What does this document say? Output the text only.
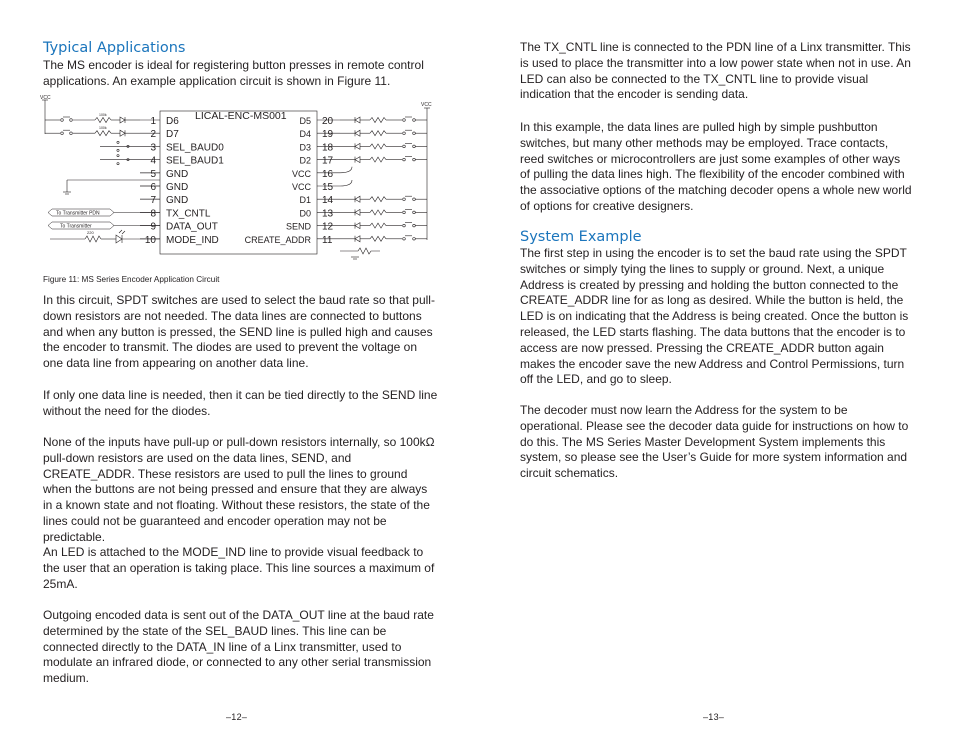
Typical Applications

The MS encoder is ideal for registering button presses in remote control applications. An example application circuit is shown in Figure 11.

100k
100k
1 D6
2 D7
3 SEL_BAUD0
4 SEL_BAUD1
5 GND
6 GND
7 GND
8 TX_CNTL
9 DATA_OUT
10 MODE_IND
20
D5
19
D4
18
D3
17
D2
16
VCC
15
VCC
14
D1
13
D0
12
SEND
11
CREATE_ADDR
LICAL-ENC-MS001
VCC
VCC
To Transmitter PDN
To Transmitter
220
Figure 11: MS Series Encoder Application Circuit

In this circuit, SPDT switches are used to select the baud rate so that pull-down resistors are not needed. The data lines are connected to buttons and when any button is pressed, the SEND line is pulled high and causes the encoder to transmit. The diodes are used to prevent the voltage on one data line from appearing on another data line.

If only one data line is needed, then it can be tied directly to the SEND line without the need for the diodes.

None of the inputs have pull-up or pull-down resistors internally, so 100kΩ pull-down resistors are used on the data lines, SEND, and CREATE_ADDR. These resistors are used to pull the lines to ground when the buttons are not being pressed and ensure that they are always in a known state and not floating. Without these resistors, the state of the lines could not be guaranteed and encoder operation may not be predictable.

An LED is attached to the MODE_IND line to provide visual feedback to the user that an operation is taking place. This line sources a maximum of 25mA.

Outgoing encoded data is sent out of the DATA_OUT line at the baud rate determined by the state of the SEL_BAUD lines. This line can be connected directly to the DATA_IN line of a Linx transmitter, used to modulate an infrared diode, or connected to any other serial transmission medium.

–12–

The TX_CNTL line is connected to the PDN line of a Linx transmitter. This is used to place the transmitter into a low power state when not in use. An LED can also be connected to the TX_CNTL line to provide visual indication that the encoder is sending data.

In this example, the data lines are pulled high by simple pushbutton switches, but many other methods may be employed. Trace contacts, reed switches or microcontrollers are just some examples of other ways of pulling the data lines high. The flexibility of the encoder combined with the associative options of the matching decoder opens a whole new world of options for creative designers.

System Example

The first step in using the encoder is to set the baud rate using the SPDT switches or simply tying the lines to supply or ground. Next, a unique Address is created by pressing and holding the button connected to the CREATE_ADDR line for as long as desired. While the button is held, the LED is on indicating that the Address is being created. Once the button is released, the LED starts flashing. The data buttons that the encoder is to access are now pressed. Pressing the CREATE_ADDR button again makes the encoder save the new Address and Control Permissions, turn off the LED, and go to sleep.

The decoder must now learn the Address for the system to be operational. Please see the decoder data guide for instructions on how to do this. The MS Series Master Development System implements this system, so please see the User’s Guide for more system information and circuit schematics.

–13–
